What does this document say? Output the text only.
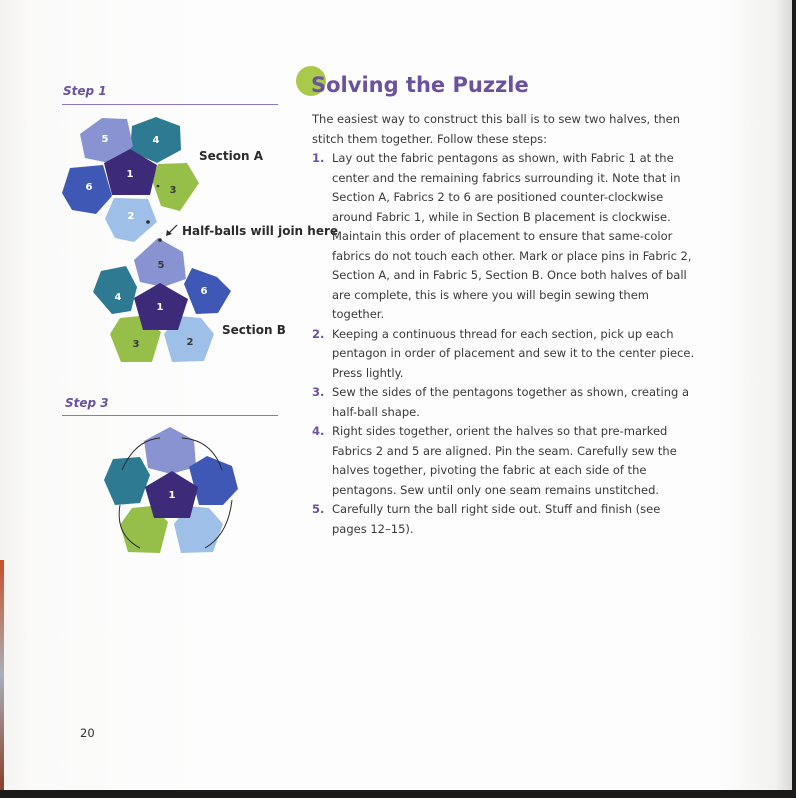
Step 1
1
2
3
4
5
6
Section A
Half-balls will join here
1
2
3
4
5
6
Section B
Step 3
1
Solving the Puzzle

The easiest way to construct this ball is to sew two halves, then stitch them together. Follow these steps:

1. Lay out the fabric pentagons as shown, with Fabric 1 at the center and the remaining fabrics surrounding it. Note that in Section A, Fabrics 2 to 6 are positioned counter-clockwise around Fabric 1, while in Section B placement is clockwise. Maintain this order of placement to ensure that same-color fabrics do not touch each other. Mark or place pins in Fabric 2, Section A, and in Fabric 5, Section B. Once both halves of ball are complete, this is where you will begin sewing them together.
2. Keeping a continuous thread for each section, pick up each pentagon in order of placement and sew it to the center piece. Press lightly.
3. Sew the sides of the pentagons together as shown, creating a half-ball shape.
4. Right sides together, orient the halves so that pre-marked Fabrics 2 and 5 are aligned. Pin the seam. Carefully sew the halves together, pivoting the fabric at each side of the pentagons. Sew until only one seam remains unstitched.
5. Carefully turn the ball right side out. Stuff and finish (see pages 12–15).
20
